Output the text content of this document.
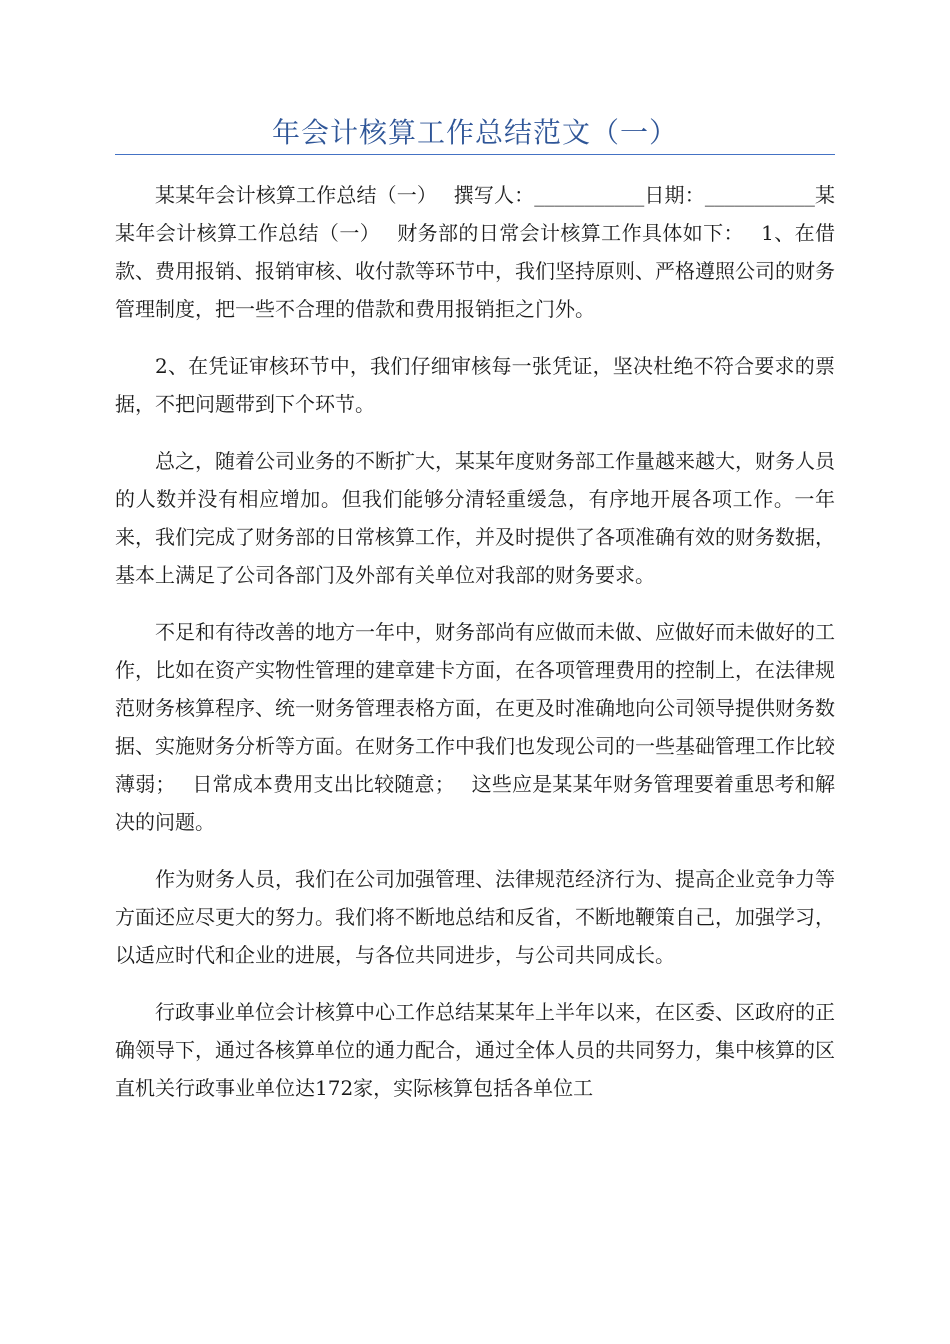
年会计核算工作总结范文（一）

某某年会计核算工作总结（一）　 撰写人：___________日期：___________某某年会计核算工作总结（一）　 财务部的日常会计核算工作具体如下：　 1、在借款、费用报销、报销审核、收付款等环节中，我们坚持原则、严格遵照公司的财务管理制度，把一些不合理的借款和费用报销拒之门外。

2、在凭证审核环节中，我们仔细审核每一张凭证，坚决杜绝不符合要求的票据，不把问题带到下个环节。

总之，随着公司业务的不断扩大，某某年度财务部工作量越来越大，财务人员的人数并没有相应增加。但我们能够分清轻重缓急，有序地开展各项工作。一年来，我们完成了财务部的日常核算工作，并及时提供了各项准确有效的财务数据，基本上满足了公司各部门及外部有关单位对我部的财务要求。

不足和有待改善的地方一年中，财务部尚有应做而未做、应做好而未做好的工作，比如在资产实物性管理的建章建卡方面，在各项管理费用的控制上，在法律规范财务核算程序、统一财务管理表格方面，在更及时准确地向公司领导提供财务数据、实施财务分析等方面。在财务工作中我们也发现公司的一些基础管理工作比较薄弱；　 日常成本费用支出比较随意；　 这些应是某某年财务管理要着重思考和解决的问题。

作为财务人员，我们在公司加强管理、法律规范经济行为、提高企业竞争力等方面还应尽更大的努力。我们将不断地总结和反省，不断地鞭策自己，加强学习，以适应时代和企业的进展，与各位共同进步，与公司共同成长。

行政事业单位会计核算中心工作总结某某年上半年以来，在区委、区政府的正确领导下，通过各核算单位的通力配合，通过全体人员的共同努力，集中核算的区直机关行政事业单位达172家，实际核算包括各单位工
